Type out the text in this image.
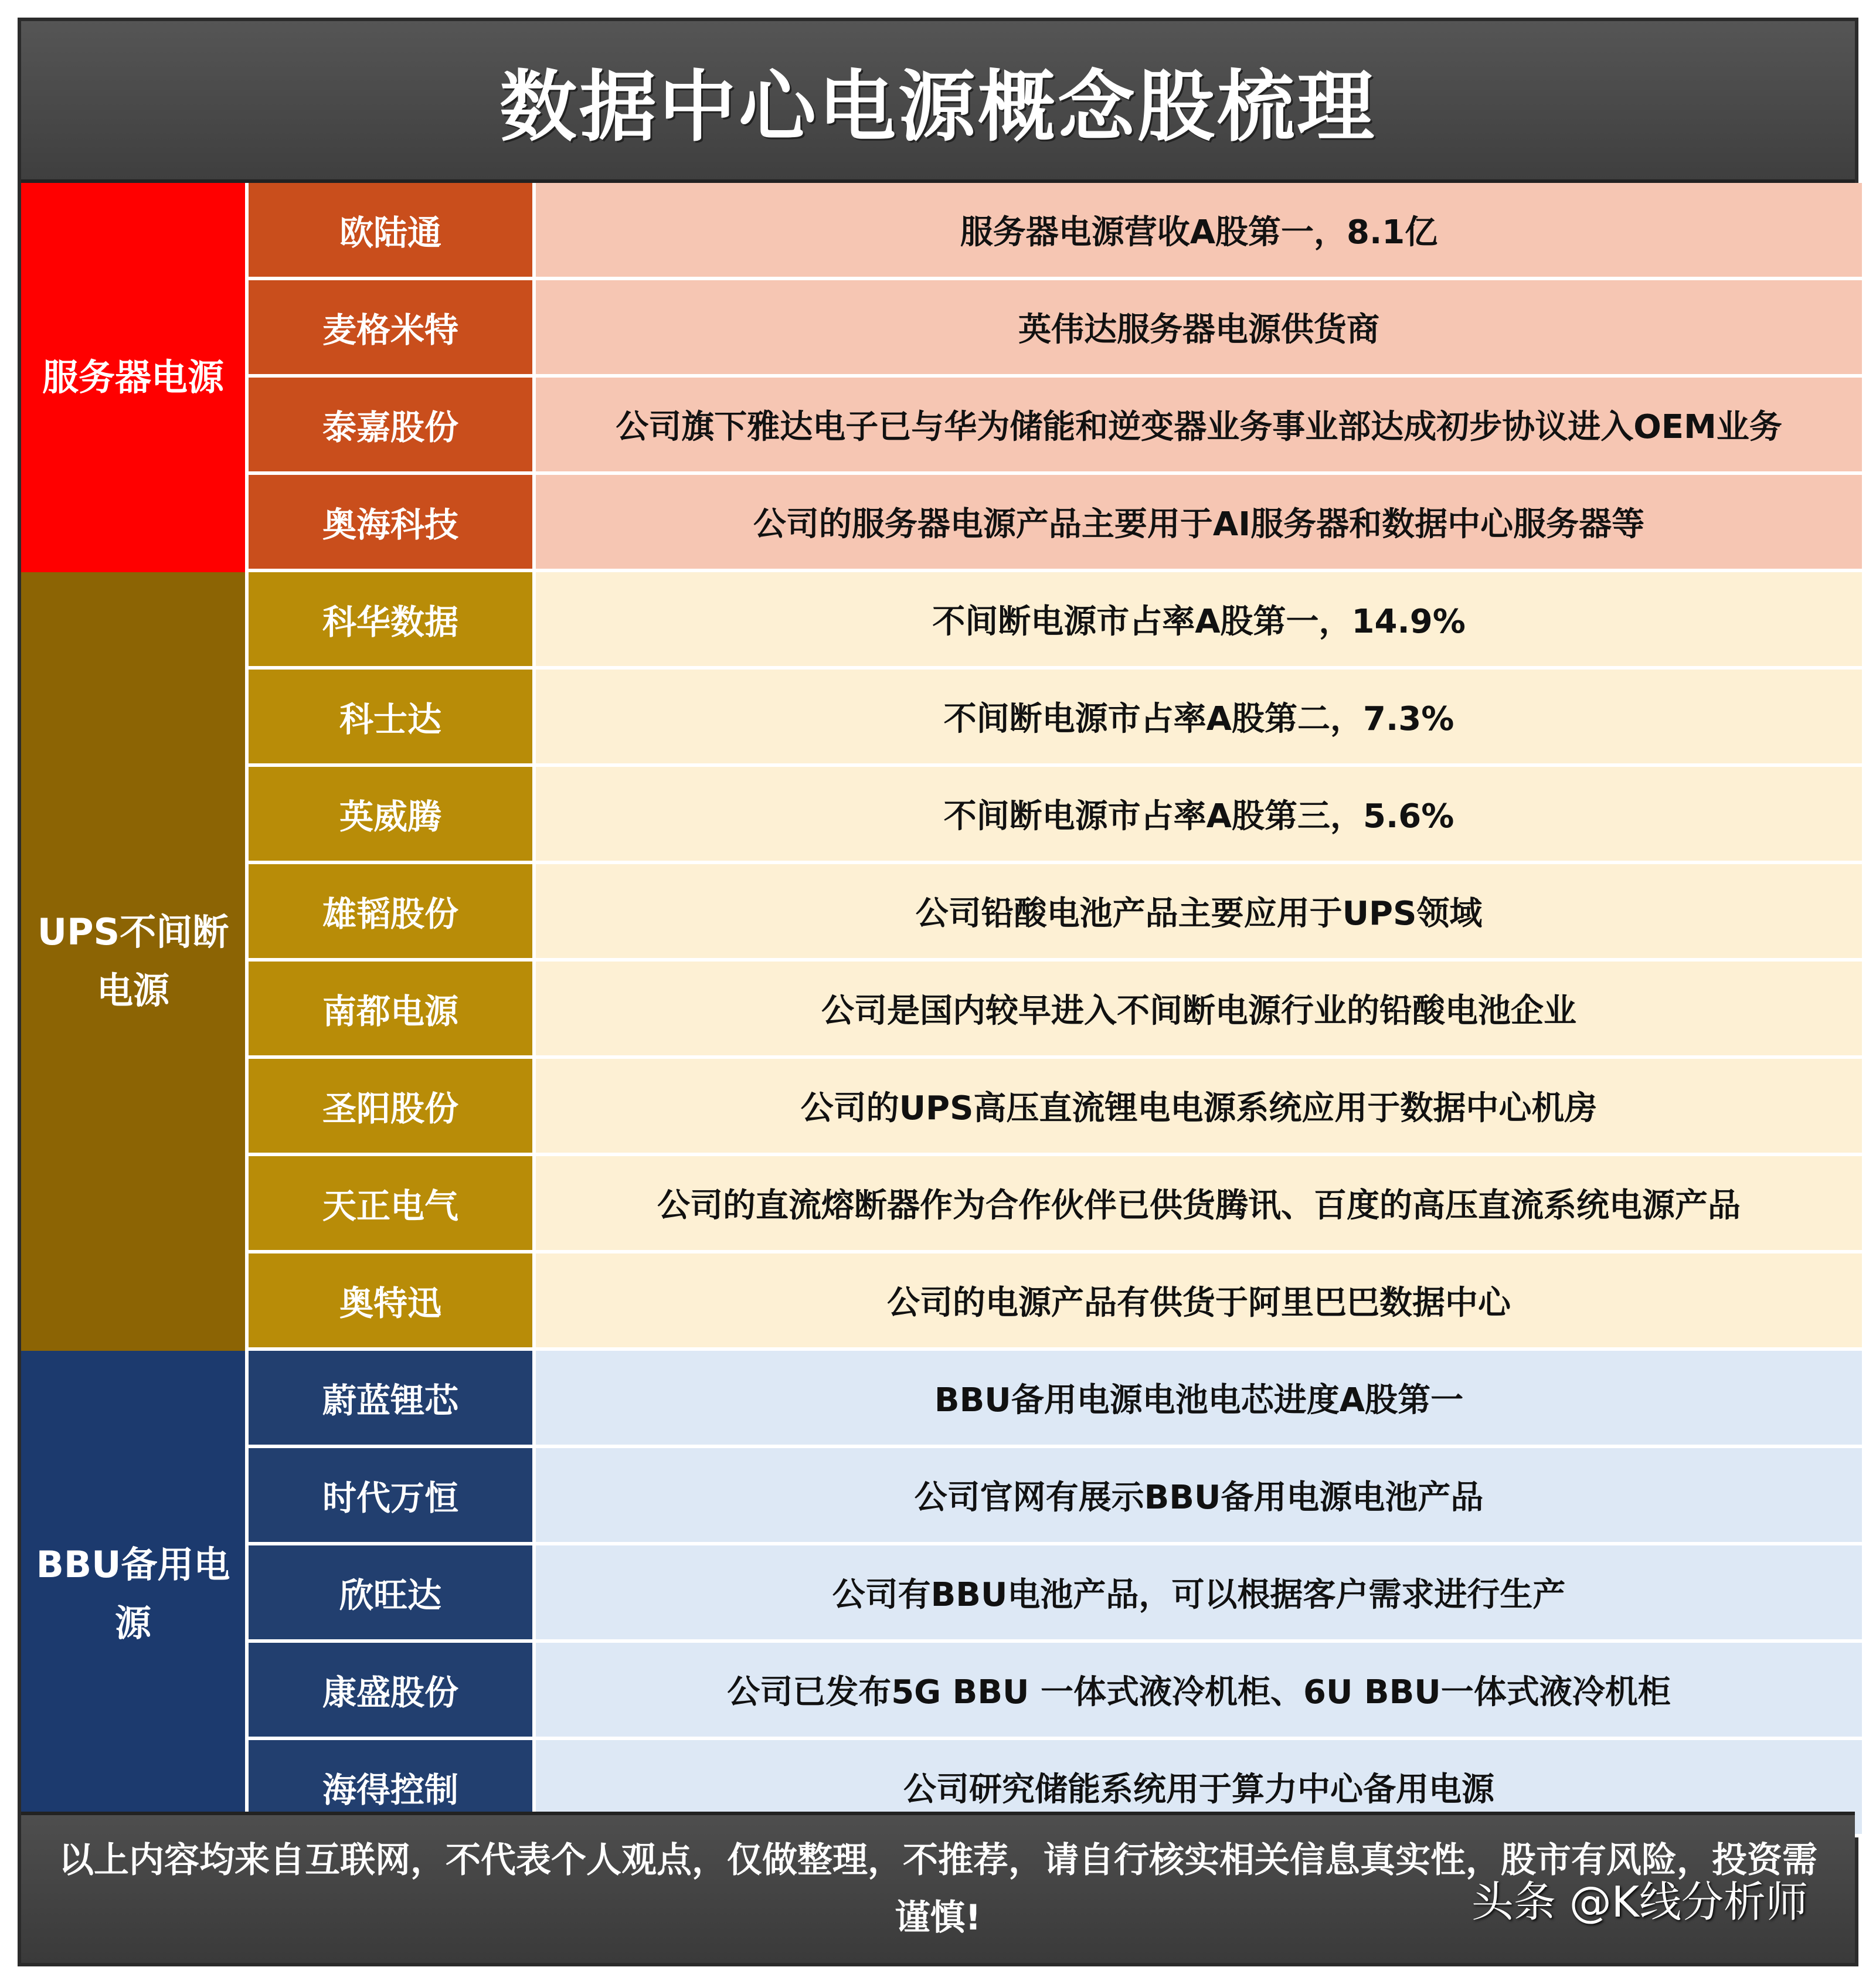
数据中心电源概念股梳理
服务器电源
欧陆通	服务器电源营收A股第一，8.1亿
麦格米特	英伟达服务器电源供货商
泰嘉股份	公司旗下雅达电子已与华为储能和逆变器业务事业部达成初步协议进入OEM业务
奥海科技	公司的服务器电源产品主要用于AI服务器和数据中心服务器等
UPS不间断电源
科华数据	不间断电源市占率A股第一，14.9%
科士达	不间断电源市占率A股第二，7.3%
英威腾	不间断电源市占率A股第三，5.6%
雄韬股份	公司铅酸电池产品主要应用于UPS领域
南都电源	公司是国内较早进入不间断电源行业的铅酸电池企业
圣阳股份	公司的UPS高压直流锂电电源系统应用于数据中心机房
天正电气	公司的直流熔断器作为合作伙伴已供货腾讯、百度的高压直流系统电源产品
奥特迅	公司的电源产品有供货于阿里巴巴数据中心
BBU备用电源
蔚蓝锂芯	BBU备用电源电池电芯进度A股第一
时代万恒	公司官网有展示BBU备用电源电池产品
欣旺达	公司有BBU电池产品，可以根据客户需求进行生产
康盛股份	公司已发布5G BBU 一体式液冷机柜、6U BBU一体式液冷机柜
海得控制	公司研究储能系统用于算力中心备用电源
以上内容均来自互联网，不代表个人观点，仅做整理，不推荐，请自行核实相关信息真实性，股市有风险，投资需谨慎!	头条 @K线分析师
